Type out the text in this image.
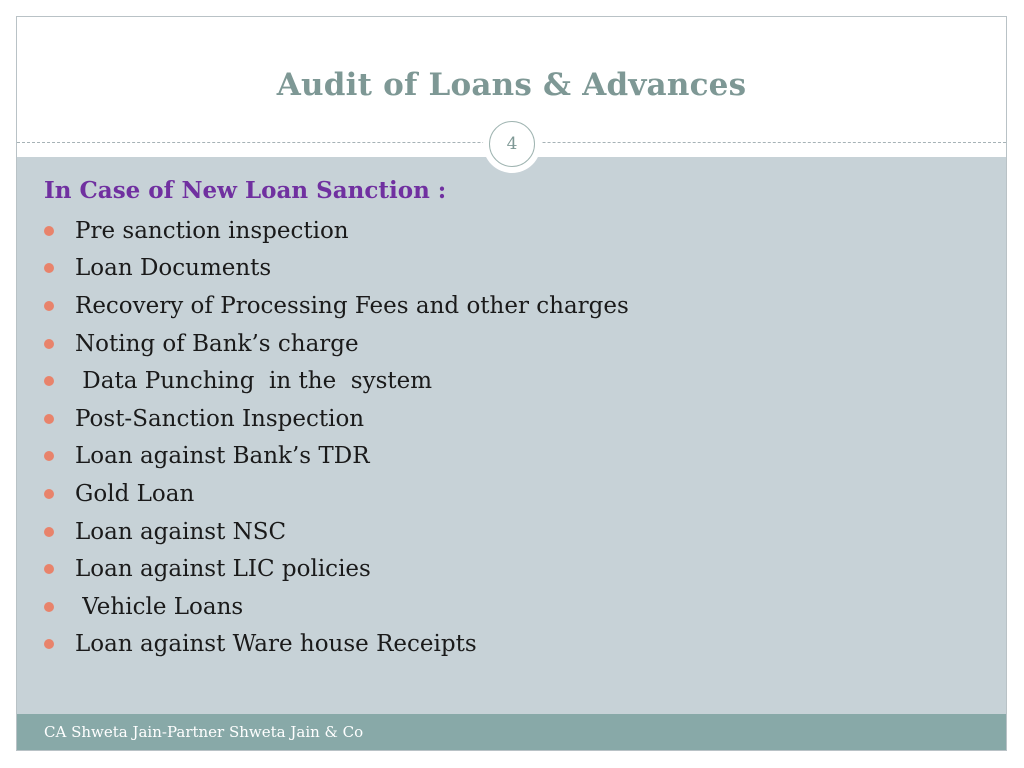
Audit of Loans & Advances
4
In Case of New Loan Sanction :
Pre sanction inspection
Loan Documents
Recovery of Processing Fees and other charges
Noting of Bank’s charge
Data Punching  in the  system
Post-Sanction Inspection
Loan against Bank’s TDR
Gold Loan
Loan against NSC
Loan against LIC policies
Vehicle Loans
Loan against Ware house Receipts
CA Shweta Jain-Partner Shweta Jain & Co
